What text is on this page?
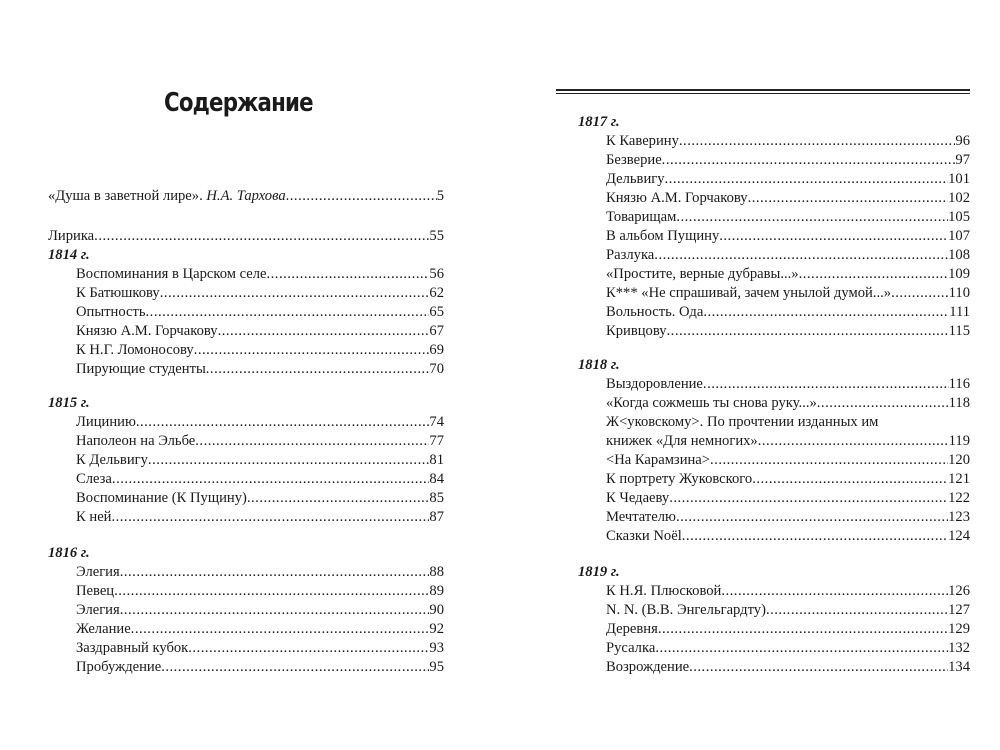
Содержание
«Душа в заветной лире». Н.А. Тархова .....	5
Лирика .....	55
1814 г.
Воспоминания в Царском селе .....	56
К Батюшкову .....	62
Опытность .....	65
Князю А.М. Горчакову .....	67
К Н.Г. Ломоносову .....	69
Пирующие студенты .....	70
1815 г.
Лицинию .....	74
Наполеон на Эльбе .....	77
К Дельвигу .....	81
Слеза .....	84
Воспоминание (К Пущину) .....	85
К ней .....	87
1816 г.
Элегия .....	88
Певец .....	89
Элегия .....	90
Желание .....	92
Заздравный кубок .....	93
Пробуждение .....	95
1817 г.
К Каверину .....	96
Безверие .....	97
Дельвигу .....	101
Князю А.М. Горчакову .....	102
Товарищам .....	105
В альбом Пущину .....	107
Разлука .....	108
«Простите, верные дубравы...» .....	109
К*** «Не спрашивай, зачем унылой думой...» .....	110
Вольность. Ода .....	111
Кривцову .....	115
1818 г.
Выздоровление .....	116
«Когда сожмешь ты снова руку...» .....	118
Ж<уковскому>. По прочтении изданных им
книжек «Для немногих» .....	119
<На Карамзина> .....	120
К портрету Жуковского .....	121
К Чедаеву .....	122
Мечтателю .....	123
Сказки Noël .....	124
1819 г.
К Н.Я. Плюсковой .....	126
N. N. (В.В. Энгельгардту) .....	127
Деревня .....	129
Русалка .....	132
Возрождение .....	134
